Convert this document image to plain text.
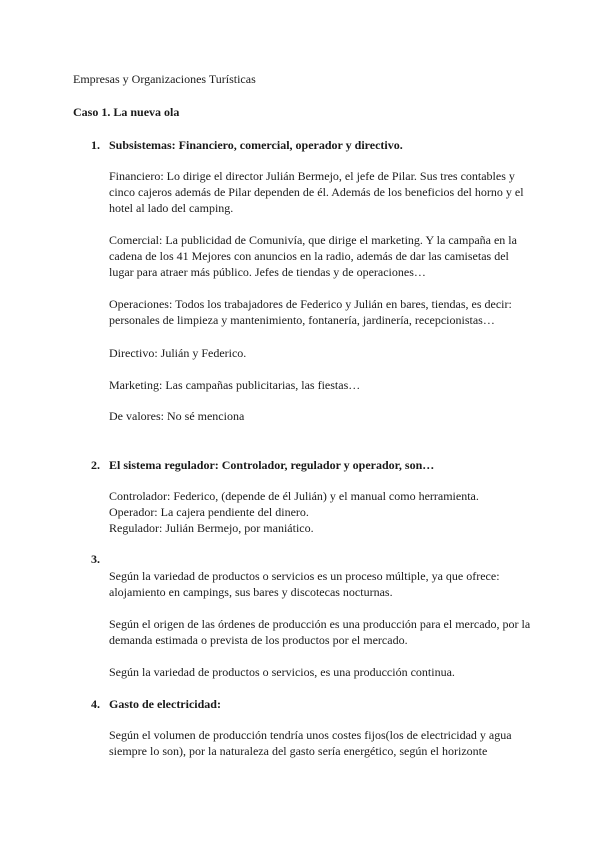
Empresas y Organizaciones Turísticas

Caso 1. La nueva ola

1. Subsistemas: Financiero, comercial, operador y directivo.

Financiero: Lo dirige el director Julián Bermejo, el jefe de Pilar. Sus tres contables y cinco cajeros además de Pilar dependen de él. Además de los beneficios del horno y el hotel al lado del camping.

Comercial: La publicidad de Comunivía, que dirige el marketing. Y la campaña en la cadena de los 41 Mejores con anuncios en la radio, además de dar las camisetas del lugar para atraer más público. Jefes de tiendas y de operaciones…

Operaciones: Todos los trabajadores de Federico y Julián en bares, tiendas, es decir: personales de limpieza y mantenimiento, fontanería, jardinería, recepcionistas…

Directivo: Julián y Federico.

Marketing: Las campañas publicitarias, las fiestas…

De valores: No sé menciona

2. El sistema regulador: Controlador, regulador y operador, son…

Controlador: Federico, (depende de él Julián) y el manual como herramienta.

Operador: La cajera pendiente del dinero.

Regulador: Julián Bermejo, por maniático.

3.

Según la variedad de productos o servicios es un proceso múltiple, ya que ofrece: alojamiento en campings, sus bares y discotecas nocturnas.

Según el origen de las órdenes de producción es una producción para el mercado, por la demanda estimada o prevista de los productos por el mercado.

Según la variedad de productos o servicios, es una producción continua.

4. Gasto de electricidad:

Según el volumen de producción tendría unos costes fijos(los de electricidad y agua siempre lo son), por la naturaleza del gasto sería energético, según el horizonte
